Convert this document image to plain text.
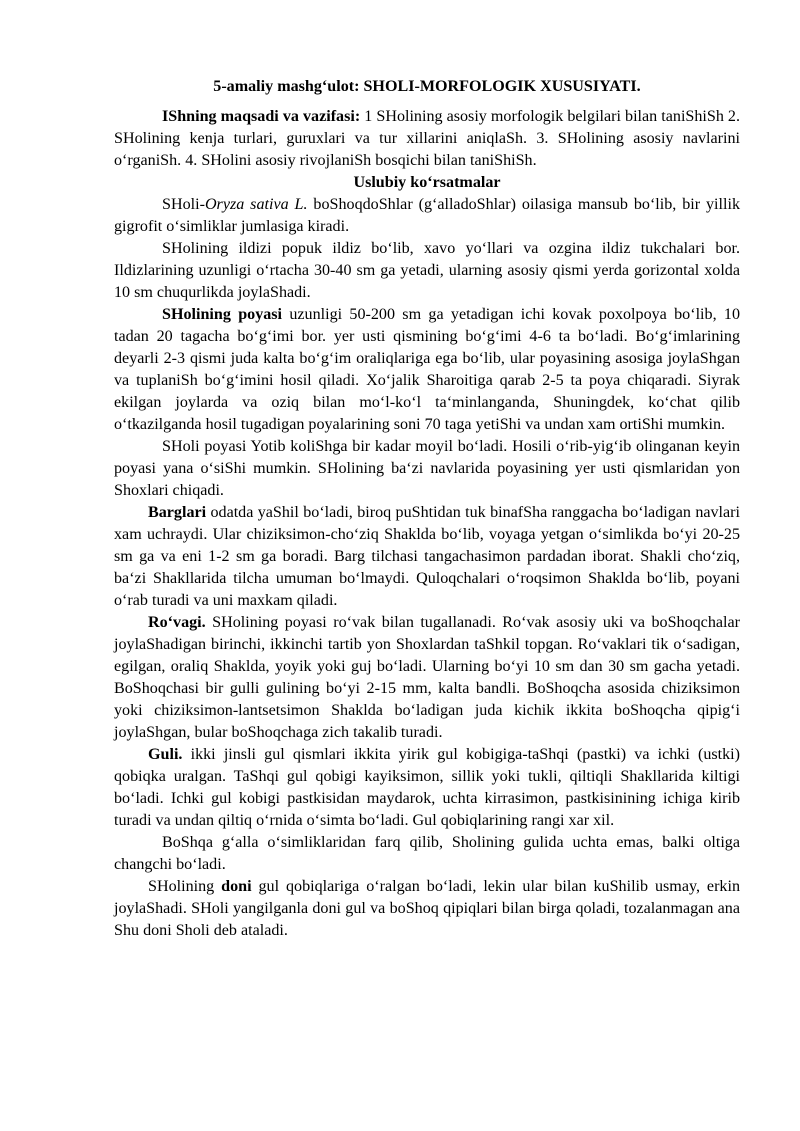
5-amaliy mashg‘ulot: SHOLI-MORFOLOGIK XUSUSIYATI.

IShning maqsadi va vazifasi: 1 SHolining asosiy morfologik belgilari bilan taniShiSh 2. SHolining kenja turlari, guruxlari va tur xillarini aniqlaSh. 3. SHolining asosiy navlarini o‘rganiSh. 4. SHolini asosiy rivojlaniSh bosqichi bilan taniShiSh.

Uslubiy ko‘rsatmalar

SHoli-Oryza sativa L. boShoqdoShlar (g‘alladoShlar) oilasiga mansub bo‘lib, bir yillik gigrofit o‘simliklar jumlasiga kiradi.

SHolining ildizi popuk ildiz bo‘lib, xavo yo‘llari va ozgina ildiz tukchalari bor. Ildizlarining uzunligi o‘rtacha 30-40 sm ga yetadi, ularning asosiy qismi yerda gorizontal xolda 10 sm chuqurlikda joylaShadi.

SHolining poyasi uzunligi 50-200 sm ga yetadigan ichi kovak poxolpoya bo‘lib, 10 tadan 20 tagacha bo‘g‘imi bor. yer usti qismining bo‘g‘imi 4-6 ta bo‘ladi. Bo‘g‘imlarining deyarli 2-3 qismi juda kalta bo‘g‘im oraliqlariga ega bo‘lib, ular poyasining asosiga joylaShgan va tuplaniSh bo‘g‘imini hosil qiladi. Xo‘jalik Sharoitiga qarab 2-5 ta poya chiqaradi. Siyrak ekilgan joylarda va oziq bilan mo‘l-ko‘l ta‘minlanganda, Shuningdek, ko‘chat qilib o‘tkazilganda hosil tugadigan poyalarining soni 70 taga yetiShi va undan xam ortiShi mumkin.

SHoli poyasi Yotib koliShga bir kadar moyil bo‘ladi. Hosili o‘rib-yig‘ib olinganan keyin poyasi yana o‘siShi mumkin. SHolining ba‘zi navlarida poyasining yer usti qismlaridan yon Shoxlari chiqadi.

Barglari odatda yaShil bo‘ladi, biroq puShtidan tuk binafSha ranggacha bo‘ladigan navlari xam uchraydi. Ular chiziksimon-cho‘ziq Shaklda bo‘lib, voyaga yetgan o‘simlikda bo‘yi 20-25 sm ga va eni 1-2 sm ga boradi. Barg tilchasi tangachasimon pardadan iborat. Shakli cho‘ziq, ba‘zi Shakllarida tilcha umuman bo‘lmaydi. Quloqchalari o‘roqsimon Shaklda bo‘lib, poyani o‘rab turadi va uni maxkam qiladi.

Ro‘vagi. SHolining poyasi ro‘vak bilan tugallanadi. Ro‘vak asosiy uki va boShoqchalar joylaShadigan birinchi, ikkinchi tartib yon Shoxlardan taShkil topgan. Ro‘vaklari tik o‘sadigan, egilgan, oraliq Shaklda, yoyik yoki guj bo‘ladi. Ularning bo‘yi 10 sm dan 30 sm gacha yetadi. BoShoqchasi bir gulli gulining bo‘yi 2-15 mm, kalta bandli. BoShoqcha asosida chiziksimon yoki chiziksimon-lantsetsimon Shaklda bo‘ladigan juda kichik ikkita boShoqcha qipig‘i joylaShgan, bular boShoqchaga zich takalib turadi.

Guli. ikki jinsli gul qismlari ikkita yirik gul kobigiga-taShqi (pastki) va ichki (ustki) qobiqka uralgan. TaShqi gul qobigi kayiksimon, sillik yoki tukli, qiltiqli Shakllarida kiltigi bo‘ladi. Ichki gul kobigi pastkisidan maydarok, uchta kirrasimon, pastkisinining ichiga kirib turadi va undan qiltiq o‘rnida o‘simta bo‘ladi. Gul qobiqlarining rangi xar xil.

BoShqa g‘alla o‘simliklaridan farq qilib, Sholining gulida uchta emas, balki oltiga changchi bo‘ladi.

SHolining doni gul qobiqlariga o‘ralgan bo‘ladi, lekin ular bilan kuShilib usmay, erkin joylaShadi. SHoli yangilganla doni gul va boShoq qipiqlari bilan birga qoladi, tozalanmagan ana Shu doni Sholi deb ataladi.
